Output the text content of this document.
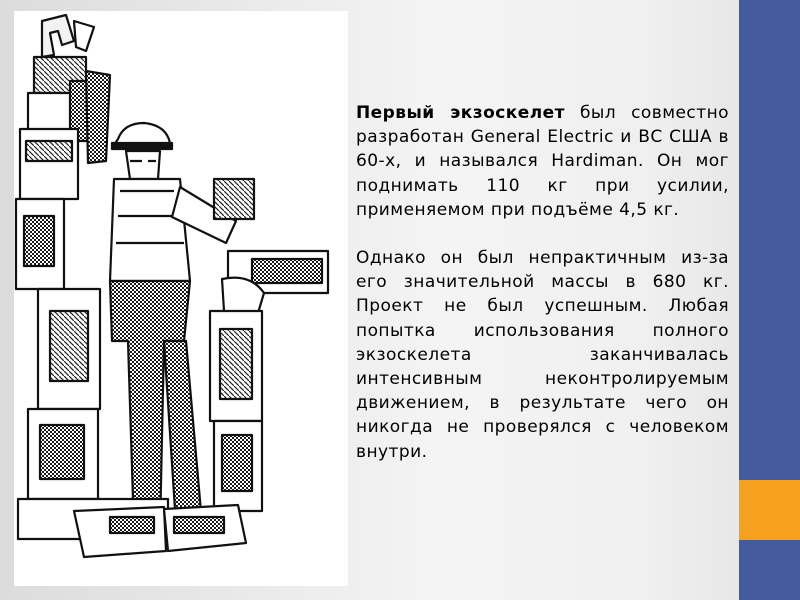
Первый экзоскелет был совместно разработан General Electric и ВС США в 60-х, и назывался Hardiman. Он мог поднимать 110 кг при усилии, применяемом при подъёме 4,5 кг.

Однако он был непрактичным из-за его значительной массы в 680 кг. Проект не был успешным. Любая попытка использования полного экзоскелета заканчивалась интенсивным неконтролируемым движением, в результате чего он никогда не проверялся с человеком внутри.
